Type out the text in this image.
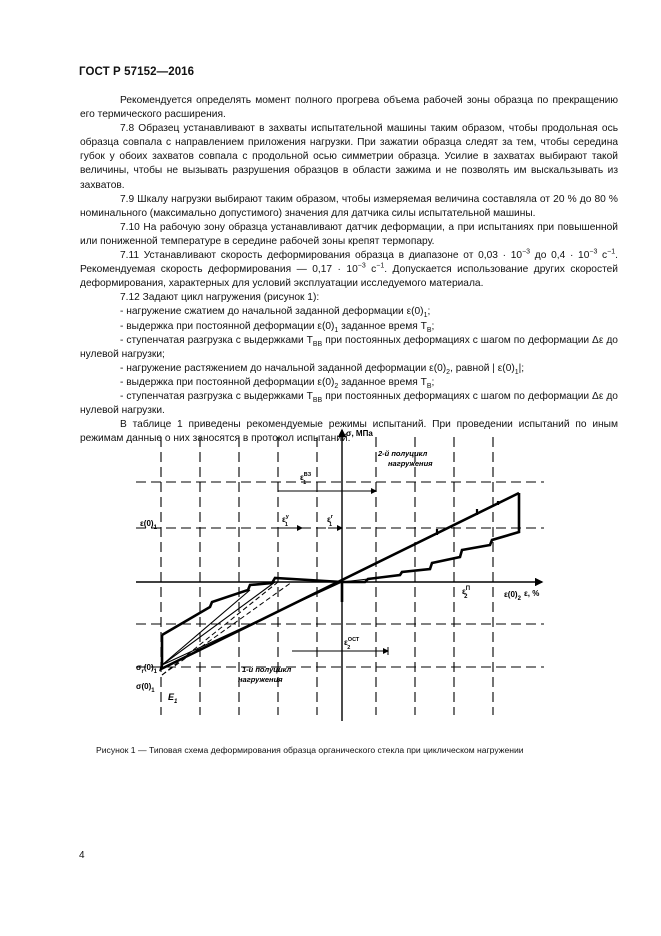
ГОСТ Р 57152—2016

Рекомендуется определять момент полного прогрева объема рабочей зоны образца по прекращению его термического расширения.

7.8 Образец устанавливают в захваты испытательной машины таким образом, чтобы продольная ось образца совпала с направлением приложения нагрузки. При зажатии образца следят за тем, чтобы середина губок у обоих захватов совпала с продольной осью симметрии образца. Усилие в захватах выбирают такой величины, чтобы не вызывать разрушения образцов в области зажима и не позволять им выскальзывать из захватов.

7.9 Шкалу нагрузки выбирают таким образом, чтобы измеряемая величина составляла от 20 % до 80 % номинального (максимально допустимого) значения для датчика силы испытательной машины.

7.10 На рабочую зону образца устанавливают датчик деформации, а при испытаниях при повышенной или пониженной температуре в середине рабочей зоны крепят термопару.

7.11 Устанавливают скорость деформирования образца в диапазоне от $0,03 \cdot 10^{-3}$ до $0,4 \cdot 10^{-3}$ $с^{-1}$. Рекомендуемая скорость деформирования — $0,17 \cdot 10^{-3}$ $с^{-1}$. Допускается использование других скоростей деформирования, характерных для условий эксплуатации исследуемого материала.

7.12 Задают цикл нагружения (рисунок 1):

- нагружение сжатием до начальной заданной деформации $\varepsilon(0)_1$;

- выдержка при постоянной деформации $\varepsilon(0)_1$ заданное время $T_В$;

- ступенчатая разгрузка с выдержками $T_{ВВ}$ при постоянных деформациях с шагом по деформации Δε до нулевой нагрузки;

- нагружение растяжением до начальной заданной деформации $\varepsilon(0)_2$, равной | $\varepsilon(0)_1|$;

- выдержка при постоянной деформации $\varepsilon(0)_2$ заданное время $T_В$;

- ступенчатая разгрузка с выдержками $T_{ВВ}$ при постоянных деформациях с шагом по деформации Δε до нулевой нагрузки.

В таблице 1 приведены рекомендуемые режимы испытаний. При проведении испытаний по иным режимам данные о них заносятся в протокол испытаний.

σ, МПа
ε, %
$\varepsilon(0)_1$
$\varepsilon(0)_2$
$\varepsilon^П$ 2
$\sigma_r(0)_1$
$\sigma(0)_1$
$E_1$
$\varepsilon^{ВЗ}$ 1
$\varepsilon^у$ 1
$\varepsilon^r$ 1
$\varepsilon^{ОСТ}$ 2
2-й полуцикл
нагружения
1-й полуцикл
нагружения
Рисунок 1 — Типовая схема деформирования образца органического стекла при циклическом нагружении
4
